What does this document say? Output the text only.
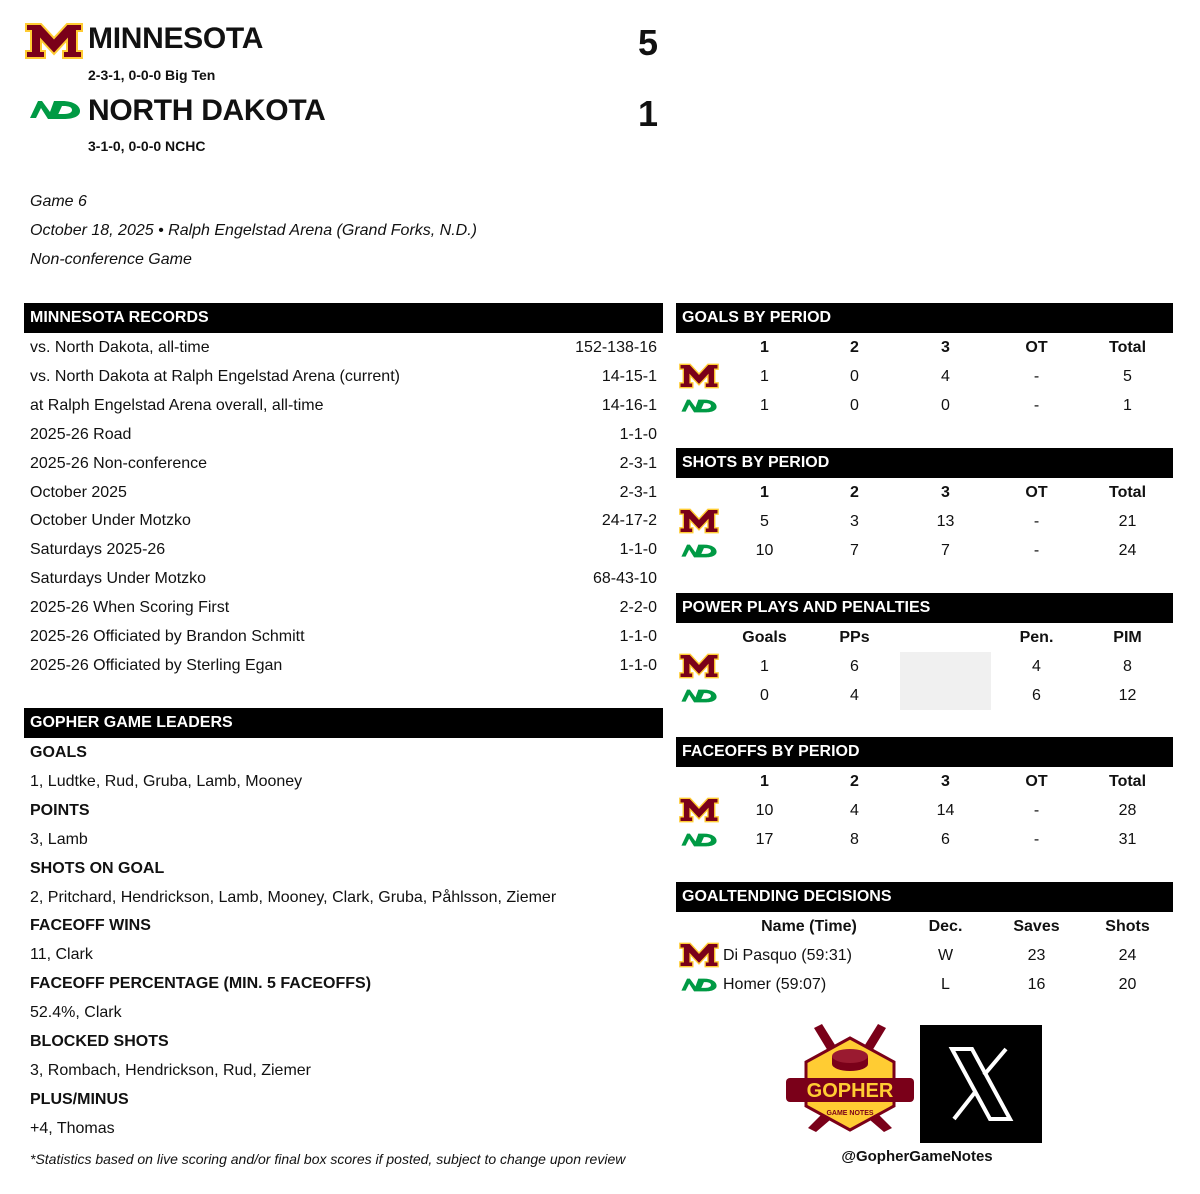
MINNESOTA
2-3-1, 0-0-0 Big Ten
5
NORTH DAKOTA
3-1-0, 0-0-0 NCHC
1
Game 6
October 18, 2025 • Ralph Engelstad Arena (Grand Forks, N.D.)
Non-conference Game
MINNESOTA RECORDS
vs. North Dakota, all-time	152-138-16
vs. North Dakota at Ralph Engelstad Arena (current)	14-15-1
at Ralph Engelstad Arena overall, all-time	14-16-1
2025-26 Road	1-1-0
2025-26 Non-conference	2-3-1
October 2025	2-3-1
October Under Motzko	24-17-2
Saturdays 2025-26	1-1-0
Saturdays Under Motzko	68-43-10
2025-26 When Scoring First	2-2-0
2025-26 Officiated by Brandon Schmitt	1-1-0
2025-26 Officiated by Sterling Egan	1-1-0
GOPHER GAME LEADERS
GOALS
1, Ludtke, Rud, Gruba, Lamb, Mooney
POINTS
3, Lamb
SHOTS ON GOAL
2, Pritchard, Hendrickson, Lamb, Mooney, Clark, Gruba, Påhlsson, Ziemer
FACEOFF WINS
11, Clark
FACEOFF PERCENTAGE (MIN. 5 FACEOFFS)
52.4%, Clark
BLOCKED SHOTS
3, Rombach, Hendrickson, Rud, Ziemer
PLUS/MINUS
+4, Thomas
GOALS BY PERIOD
1	2	3	OT	Total
1	0	4	-	5
1	0	0	-	1
SHOTS BY PERIOD
1	2	3	OT	Total
5	3	13	-	21
10	7	7	-	24
POWER PLAYS AND PENALTIES
Goals	PPs	Pen.	PIM
1	6	4	8
0	4	6	12
FACEOFFS BY PERIOD
1	2	3	OT	Total
10	4	14	-	28
17	8	6	-	31
GOALTENDING DECISIONS
Name (Time)	Dec.	Saves	Shots
Di Pasquo (59:31)	W	23	24
Homer (59:07)	L	16	20
*Statistics based on live scoring and/or final box scores if posted, subject to change upon review
GOPHER
GAME NOTES
@GopherGameNotes
